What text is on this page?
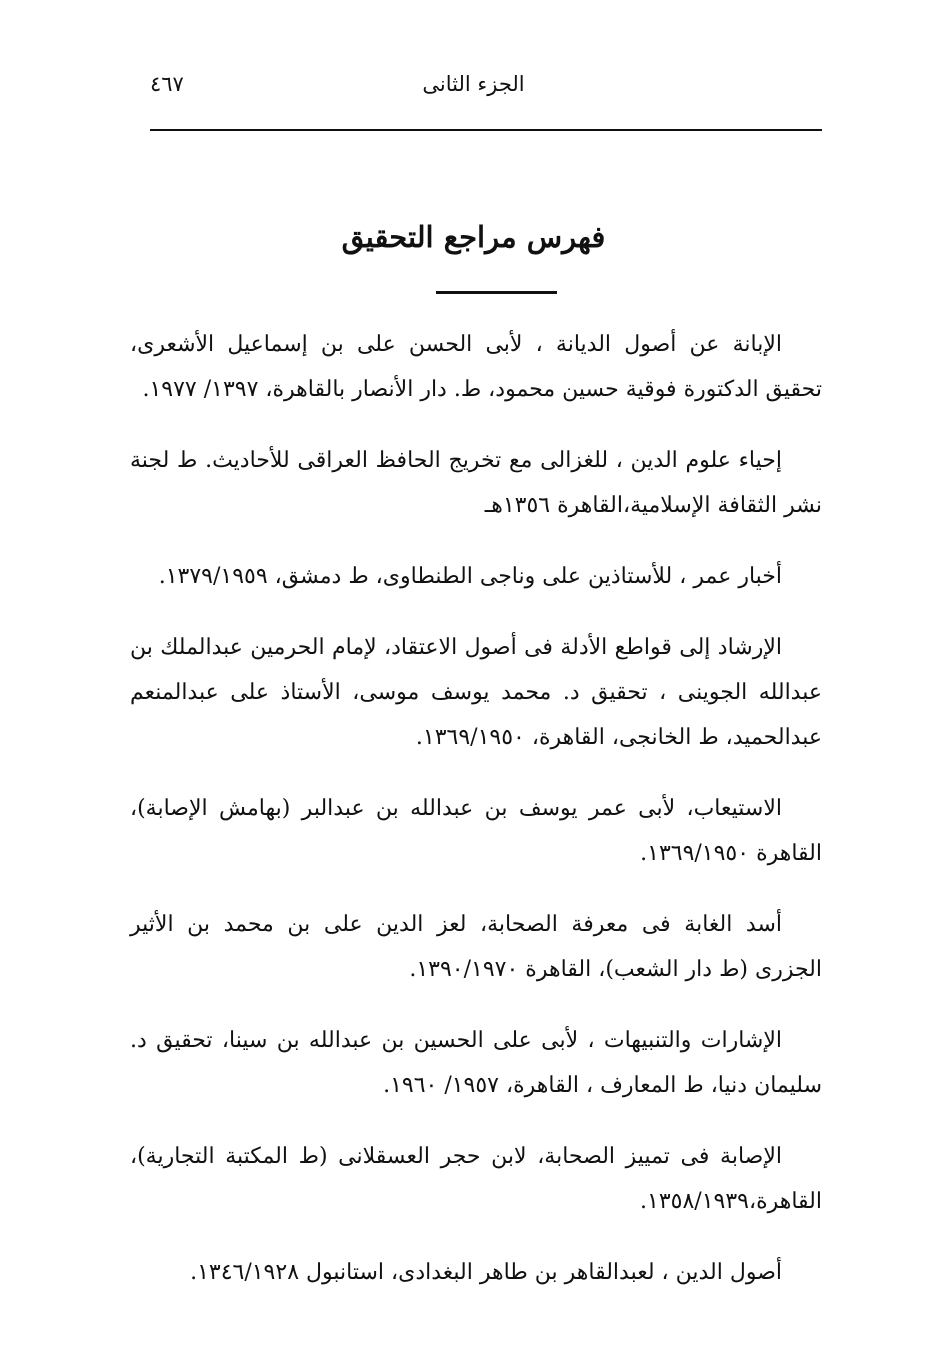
٤٦٧	الجزء الثانى
فهرس مراجع التحقيق

الإبانة عن أصول الديانة ، لأبى الحسن على بن إسماعيل الأشعرى، تحقيق الدكتورة فوقية حسين محمود، ط. دار الأنصار بالقاهرة، ١٣٩٧/ ١٩٧٧.

إحياء علوم الدين ، للغزالى مع تخريج الحافظ العراقى للأحاديث. ط لجنة نشر الثقافة الإسلامية،القاهرة ١٣٥٦هـ

أخبار عمر ، للأستاذين على وناجى الطنطاوى، ط دمشق، ١٣٧٩/١٩٥٩.

الإرشاد إلى قواطع الأدلة فى أصول الاعتقاد، لإمام الحرمين عبدالملك بن عبدالله الجوينى ، تحقيق د. محمد يوسف موسى، الأستاذ على عبدالمنعم عبدالحميد، ط الخانجى، القاهرة، ١٣٦٩/١٩٥٠.

الاستيعاب، لأبى عمر يوسف بن عبدالله بن عبدالبر (بهامش الإصابة)، القاهرة ١٣٦٩/١٩٥٠.

أسد الغابة فى معرفة الصحابة، لعز الدين على بن محمد بن الأثير الجزرى (ط دار الشعب)، القاهرة ١٣٩٠/١٩٧٠.

الإشارات والتنبيهات ، لأبى على الحسين بن عبدالله بن سينا، تحقيق د. سليمان دنيا، ط المعارف ، القاهرة، ١٩٥٧/ ١٩٦٠.

الإصابة فى تمييز الصحابة، لابن حجر العسقلانى (ط المكتبة التجارية)، القاهرة،١٣٥٨/١٩٣٩.

أصول الدين ، لعبدالقاهر بن طاهر البغدادى، استانبول ١٣٤٦/١٩٢٨.
